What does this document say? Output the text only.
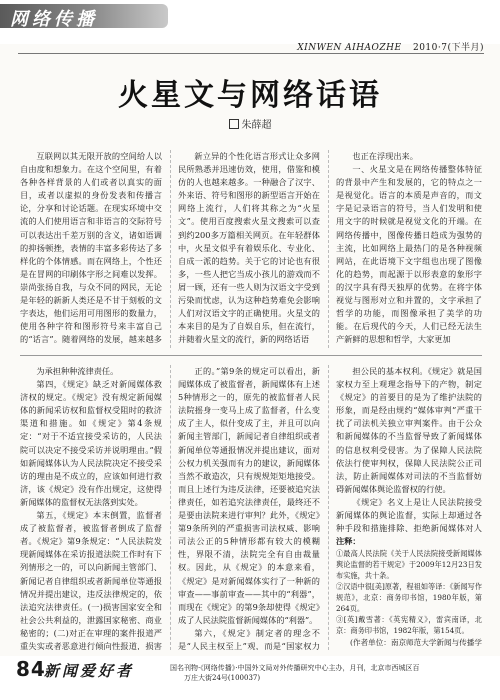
网络传播
XINWEN AIHAOZHE 2010·7(下半月)
火星文与网络话语
朱薛超

互联网以其无限开放的空间给人以自由度和想象力。在这个空间里，有着各种各样背景的人们或者以真实的面目，或者以虚拟的身份发表和传播言论，分享和讨论话题。在现实环境中交流的人们使用语言和非语言的交际符号可以表达出千差万别的含义，诸如语调的抑扬顿挫，表情的丰富多彩传达了多样化的个体情感。而在网络上，个性还是在冒网的印刷体字形之间难以发挥。崇尚张扬自我，与众不同的网民，无论是年轻的新新人类还是不甘于刻板的文字表达，他们运用可用图形的数量力，使用各种字符和图形符号来丰富自己的“话言”。随着网络的发展，越来越多

新立异的个性化语言形式让众多网民所熟悉并迅速仿效，使用，借鉴和模仿的人也越来越多。一种融合了汉字、外来语、符号和图形的新型语言开始在网络上流行，人们将其称之为“火星文”。使用百度搜索火星文搜索可以查到约200多万篇相关网页。在年轻群体中，火星文似乎有着娱乐化、专业化、自成一派的趋势。关于它的讨论也有很多，一些人把它当成小孩儿的游戏而不屑一顾，还有一些人则为汉语文字受到污染而忧虑，认为这种趋势难免会影响人们对汉语文字的正确使用。火星文的本来目的是为了自娱自乐，但在流行，并随着火星文的流行，新的网络话语

也正在浮现出来。
一、火星文是在网络传播整体特征的背景中产生和发展的，它的特点之一是视觉化。语言的本质是声音的，而文字是记录语言的符号，当人们发明和使用文字的时候就是视觉文化的开端。在网络传播中，图像传播日趋成为强势的主流，比如网络上最热门的是各种视频网站，在此语境下文字组也出现了图像化的趋势，而起源于以形表意的象形字的汉字具有得天独厚的优势。在将字体视觉与图形对立和并置的，文字承担了哲学的功能，而图像承担了美学的功能。在后现代的今天，人们已经无法生产新鲜的思想和哲学，大家更加

为承担种种流律责任。
第四，《规定》缺乏对新闻媒体救济权的规定。《规定》没有规定新闻媒体的新闻采访权和监督权受阻时的救济渠道和措施。如《规定》第4条规定：“对于不适宜接受采访的，人民法院可以决定不接受采访并说明理由。”假如新闻媒体认为人民法院决定不接受采访的理由是不成立的，应该如何进行救济，该《规定》没有作出规定，这使得新闻媒体的监督权无法落到实处。
第五，《规定》本末倒置，监督者成了被监督者，被监督者倒成了监督者。《规定》第9条规定：“人民法院发现新闻媒体在采访报道法院工作时有下列情形之一的，可以向新闻主管部门、新闻记者自律组织或者新闻单位等通报情况并提出建议，违反法律规定的，依法追究法律责任。(一)损害国家安全和社会公共利益的，泄露国家秘密、商业秘密的；(二)对正在审理的案件报道严重失实或者恶意进行倾向性报道，损害

正的。”第9条的规定可以看出，新闻媒体成了被监督者，新闻媒体有上述5种情形之一的，原先的被监督者人民法院摇身一变马上成了监督者，什么变成了主人，似什变成了主，并且可以向新闻主管部门，新闻记者自律组织或者新闻单位等通报情况并提出建议，面对公权力机关强而有力的建议，新闻媒体当然不敢造次，只有规规矩矩地接受。而且上述行为违反法律，还要被追究法律责任，如若追究法律责任，最终还不是要由法院来进行审判？此外，《规定》第9条所列的严重损害司法权威、影响司法公正的5种情形都有较大的模糊性，界限不清，法院完全有自由裁量权。因此，从《规定》的本意来看，《规定》是对新闻媒体实行了一种新的审查——事前审查——其中的“利器”，而现在《规定》的第9条却使得《规定》成了人民法院监督新闻媒体的“利器”。
第六，《规定》制定者的理念不是“人民主权至上”观，而是“国家权力

担公民的基本权利。《规定》就是国家权力至上观理念指导下的产物，制定《规定》的首要目的是为了维护法院的形象，而是经由规约“媒体审判”严重干扰了司法机关独立审判案件。由于公众和新闻媒体的不当监督导致了新闻媒体的信息权利受侵害。为了保障人民法院依法行使审判权，保障人民法院公正司法，防止新闻媒体对司法的不当监督妨碍新闻媒体舆论监督权的行使。
《规定》名义上是让人民法院接受新闻媒体的舆论监督，实际上却通过各种手段和措施排除、拒绝新闻媒体对人

注释：

①最高人民法院《关于人民法院接受新闻媒体舆论监督的若干规定》于2009年12月23日发布实施，共十条。

②汉语中很[美]原著，程祖如等译：《新闻写作规范》，北京：商务印书馆，1980年版，第264页。

③[英]戴雪著：《英宪精义》，雷宾南译，北京：商务印书馆，1982年版，第154页。

(作者单位：南京师范大学新闻与传播学

84
新闻爱好者	国名刊物·《网络传播》·中国外文局对外传播研究中心主办，月刊，北京市西城区百
万庄大街24号(100037)
